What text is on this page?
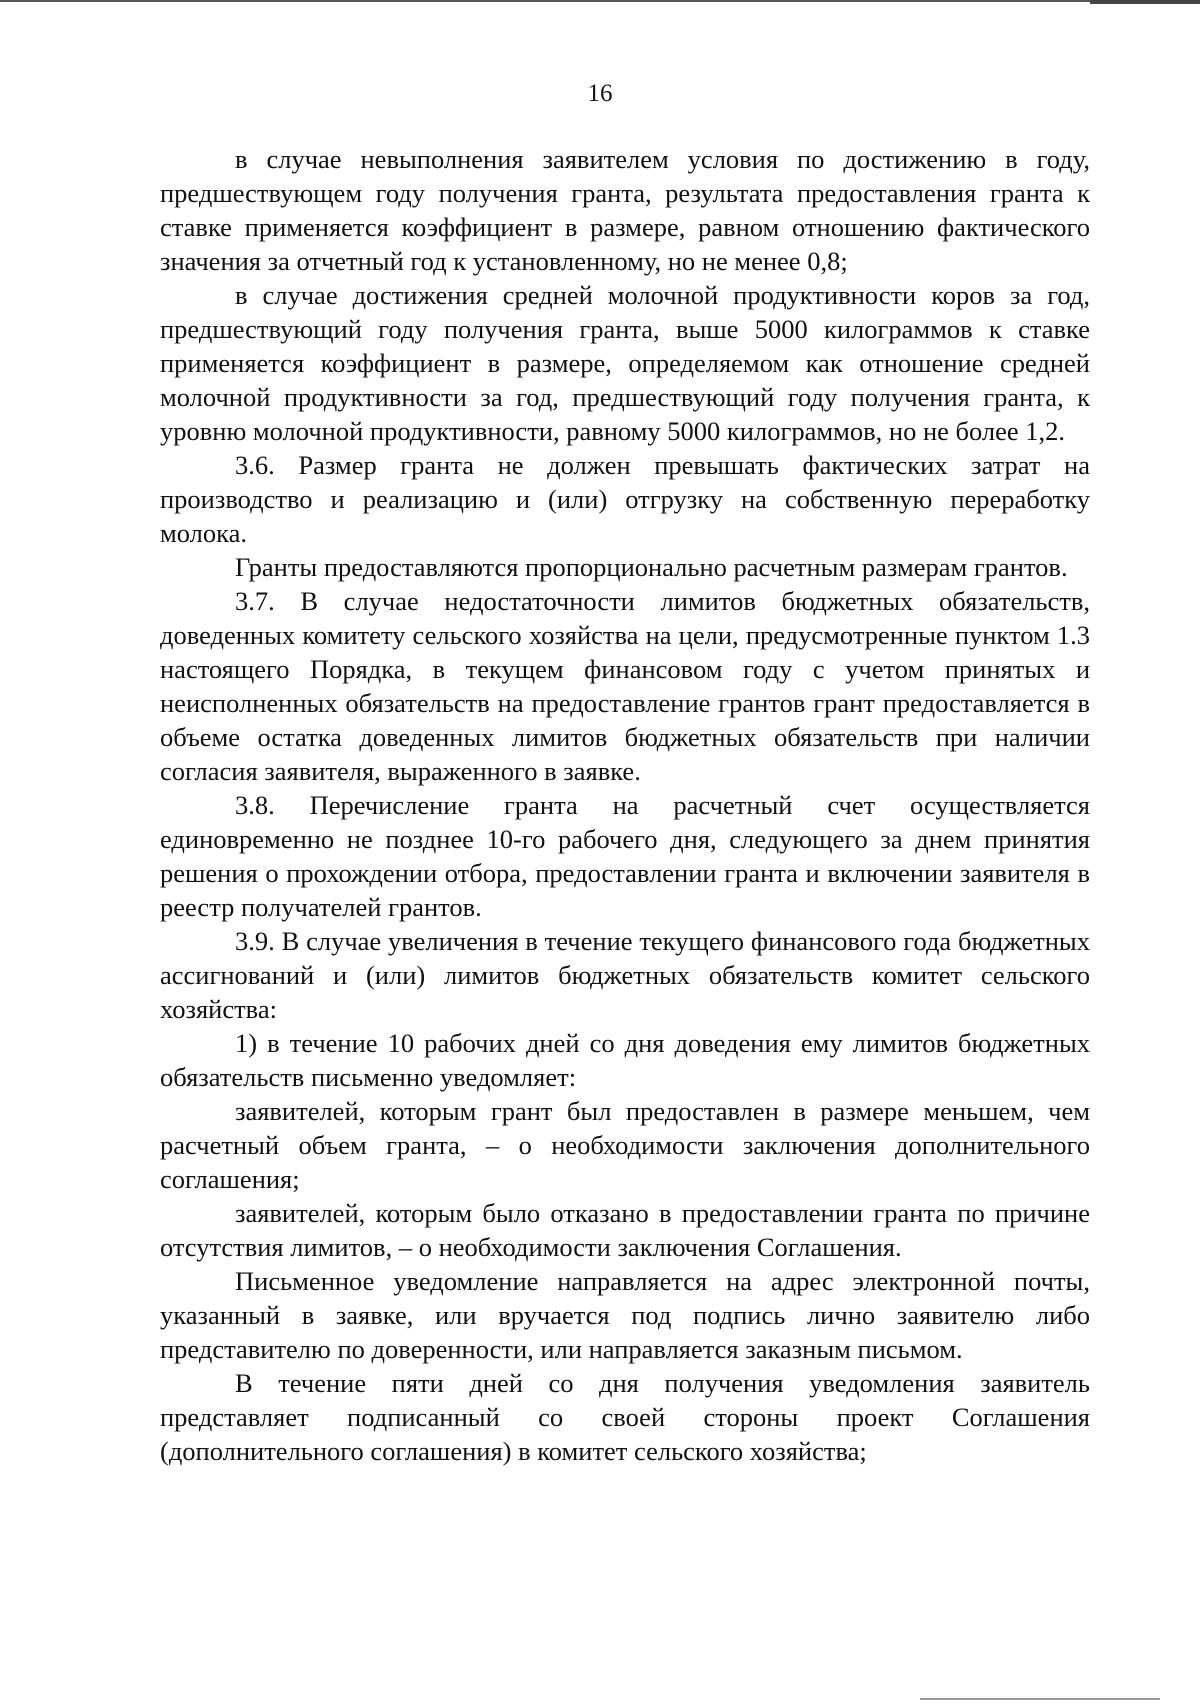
16

в случае невыполнения заявителем условия по достижению в году, предшествующем году получения гранта, результата предоставления гранта к ставке применяется коэффициент в размере, равном отношению фактического значения за отчетный год к установленному, но не менее 0,8;

в случае достижения средней молочной продуктивности коров за год, предшествующий году получения гранта, выше 5000 килограммов к ставке применяется коэффициент в размере, определяемом как отношение средней молочной продуктивности за год, предшествующий году получения гранта, к уровню молочной продуктивности, равному 5000 килограммов, но не более 1,2.

3.6. Размер гранта не должен превышать фактических затрат на производство и реализацию и (или) отгрузку на собственную переработку молока.

Гранты предоставляются пропорционально расчетным размерам грантов.

3.7. В случае недостаточности лимитов бюджетных обязательств, доведенных комитету сельского хозяйства на цели, предусмотренные пунктом 1.3 настоящего Порядка, в текущем финансовом году с учетом принятых и неисполненных обязательств на предоставление грантов грант предоставляется в объеме остатка доведенных лимитов бюджетных обязательств при наличии согласия заявителя, выраженного в заявке.

3.8. Перечисление гранта на расчетный счет осуществляется единовременно не позднее 10-го рабочего дня, следующего за днем принятия решения о прохождении отбора, предоставлении гранта и включении заявителя в реестр получателей грантов.

3.9. В случае увеличения в течение текущего финансового года бюджетных ассигнований и (или) лимитов бюджетных обязательств комитет сельского хозяйства:

1) в течение 10 рабочих дней со дня доведения ему лимитов бюджетных обязательств письменно уведомляет:

заявителей, которым грант был предоставлен в размере меньшем, чем расчетный объем гранта, – о необходимости заключения дополнительного соглашения;

заявителей, которым было отказано в предоставлении гранта по причине отсутствия лимитов, – о необходимости заключения Соглашения.

Письменное уведомление направляется на адрес электронной почты, указанный в заявке, или вручается под подпись лично заявителю либо представителю по доверенности, или направляется заказным письмом.

В течение пяти дней со дня получения уведомления заявитель представляет подписанный со своей стороны проект Соглашения (дополнительного соглашения) в комитет сельского хозяйства;
